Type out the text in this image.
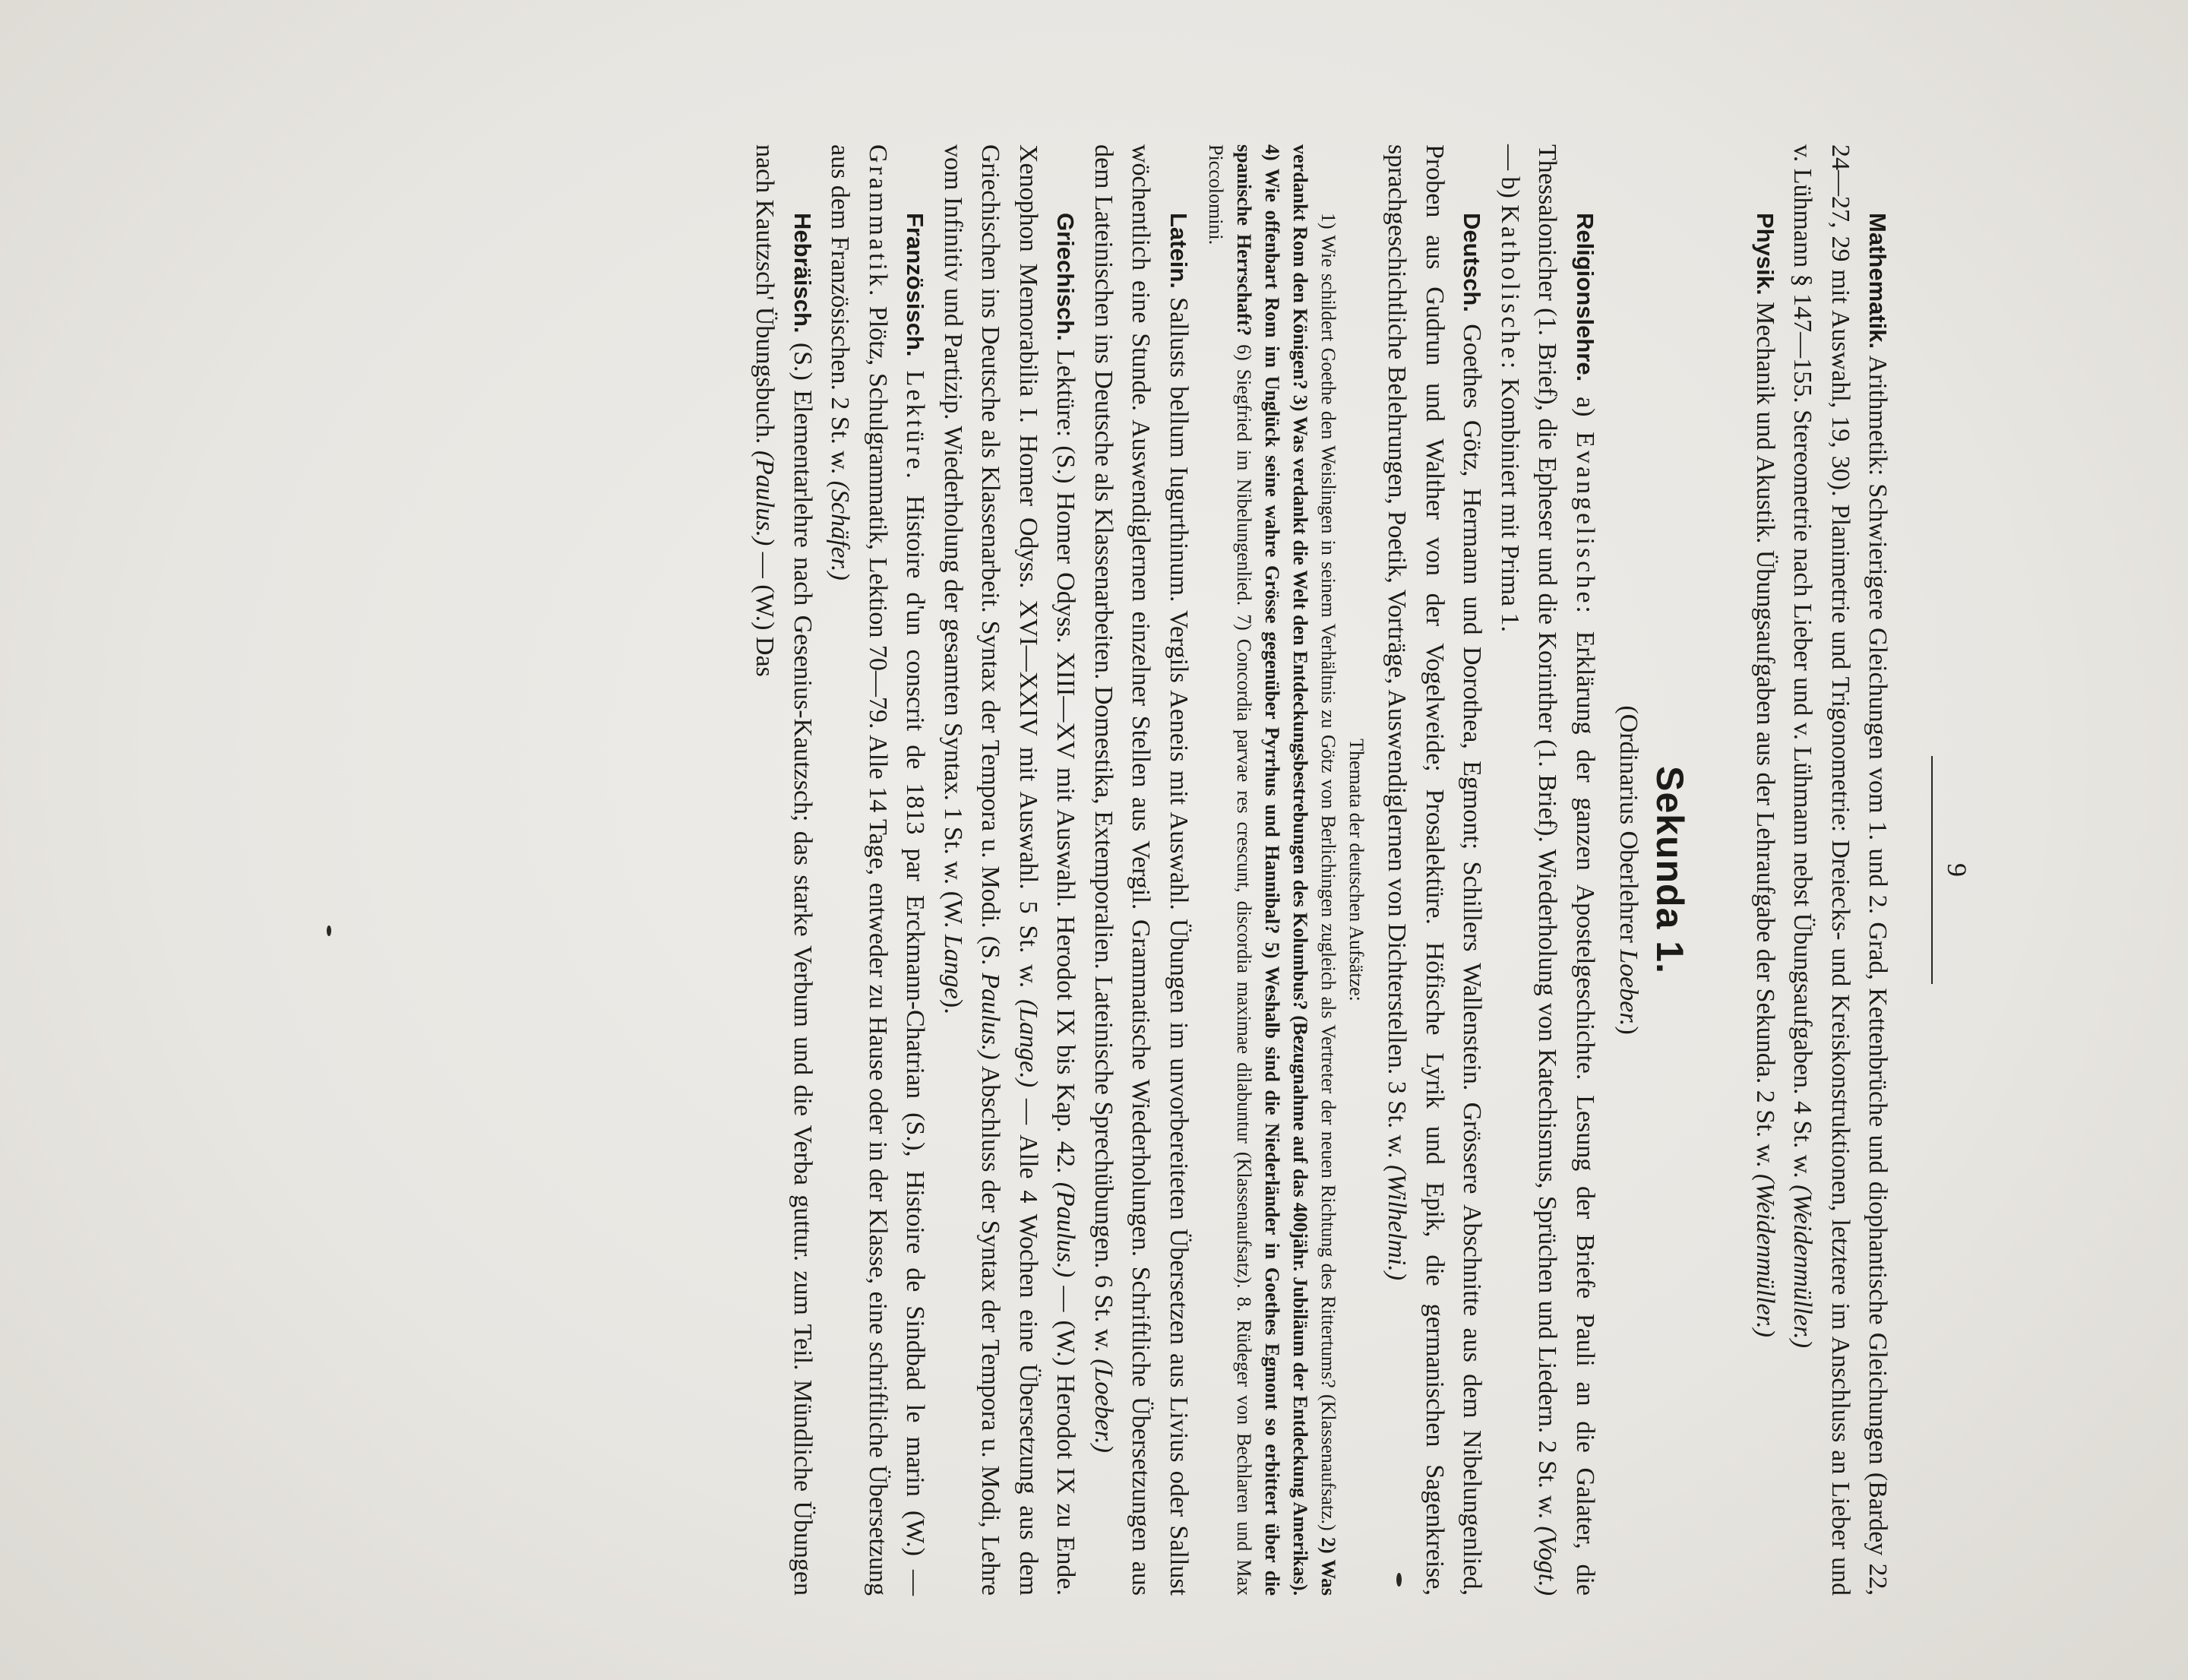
9

Mathematik. Arithmetik: Schwierigere Gleichungen vom 1. und 2. Grad, Kettenbrüche und diophantische Gleichungen (Bardey 22, 24—27, 29 mit Auswahl, 19, 30). Planimetrie und Trigonometrie: Dreiecks- und Kreiskonstruktionen, letztere im Anschluss an Lieber und v. Lühmann § 147—155. Stereometrie nach Lieber und v. Lühmann nebst Übungsaufgaben. 4 St. w. (Weidenmüller.)

Physik. Mechanik und Akustik. Übungsaufgaben aus der Lehraufgabe der Sekunda. 2 St. w. (Weidenmüller.)

Sekunda 1.
(Ordinarius Oberlehrer Loeber.)

Religionslehre. a) Evangelische: Erklärung der ganzen Apostelgeschichte. Lesung der Briefe Pauli an die Galater, die Thessalonicher (1. Brief), die Epheser und die Korinther (1. Brief). Wiederholung von Katechismus, Sprüchen und Liedern. 2 St. w. (Vogt.) — b) Katholische: Kombiniert mit Prima 1.

Deutsch. Goethes Götz, Hermann und Dorothea, Egmont; Schillers Wallenstein. Grössere Abschnitte aus dem Nibelungenlied, Proben aus Gudrun und Walther von der Vogelweide; Prosalektüre. Höfische Lyrik und Epik, die germanischen Sagenkreise, sprachgeschichtliche Belehrungen, Poetik, Vorträge, Auswendiglernen von Dichterstellen. 3 St. w. (Wilhelmi.)

Themata der deutschen Aufsätze:

1) Wie schildert Goethe den Weislingen in seinem Verhältnis zu Götz von Berlichingen zugleich als Vertreter der neuen Richtung des Rittertums? (Klassenaufsatz.) 2) Was verdankt Rom den Königen? 3) Was verdankt die Welt den Entdeckungsbestrebungen des Kolumbus? (Bezugnahme auf das 400jähr. Jubiläum der Entdeckung Amerikas). 4) Wie offenbart Rom im Unglück seine wahre Grösse gegenüber Pyrrhus und Hannibal? 5) Weshalb sind die Niederländer in Goethes Egmont so erbittert über die spanische Herrschaft? 6) Siegfried im Nibelungenlied. 7) Concordia parvae res crescunt, discordia maximae dilabuntur (Klassenaufsatz). 8. Rüdeger von Bechlaren und Max Piccolomini.

Latein. Sallusts bellum Iugurthinum. Vergils Aeneis mit Auswahl. Übungen im unvorbereiteten Übersetzen aus Livius oder Sallust wöchentlich eine Stunde. Auswendiglernen einzelner Stellen aus Vergil. Grammatische Wiederholungen. Schriftliche Übersetzungen aus dem Lateinischen ins Deutsche als Klassenarbeiten. Domestika, Extemporalien. Lateinische Sprechübungen. 6 St. w. (Loeber.)

Griechisch. Lektüre: (S.) Homer Odyss. XIII—XV mit Auswahl. Herodot IX bis Kap. 42. (Paulus.) — (W.) Herodot IX zu Ende. Xenophon Memorabilia I. Homer Odyss. XVI—XXIV mit Auswahl. 5 St. w. (Lange.) — Alle 4 Wochen eine Übersetzung aus dem Griechischen ins Deutsche als Klassenarbeit. Syntax der Tempora u. Modi. (S. Paulus.) Abschluss der Syntax der Tempora u. Modi, Lehre vom Infinitiv und Partizip. Wiederholung der gesamten Syntax. 1 St. w. (W. Lange).

Französisch. Lektüre. Histoire d'un conscrit de 1813 par Erckmann-Chatrian (S.), Histoire de Sindbad le marin (W.) — Grammatik. Plötz, Schulgrammatik, Lektion 70—79. Alle 14 Tage, entweder zu Hause oder in der Klasse, eine schriftliche Übersetzung aus dem Französischen. 2 St. w. (Schäfer.)

Hebräisch. (S.) Elementarlehre nach Gesenius-Kautzsch; das starke Verbum und die Verba guttur. zum Teil. Mündliche Übungen nach Kautzsch' Übungsbuch. (Paulus.) — (W.) Das
